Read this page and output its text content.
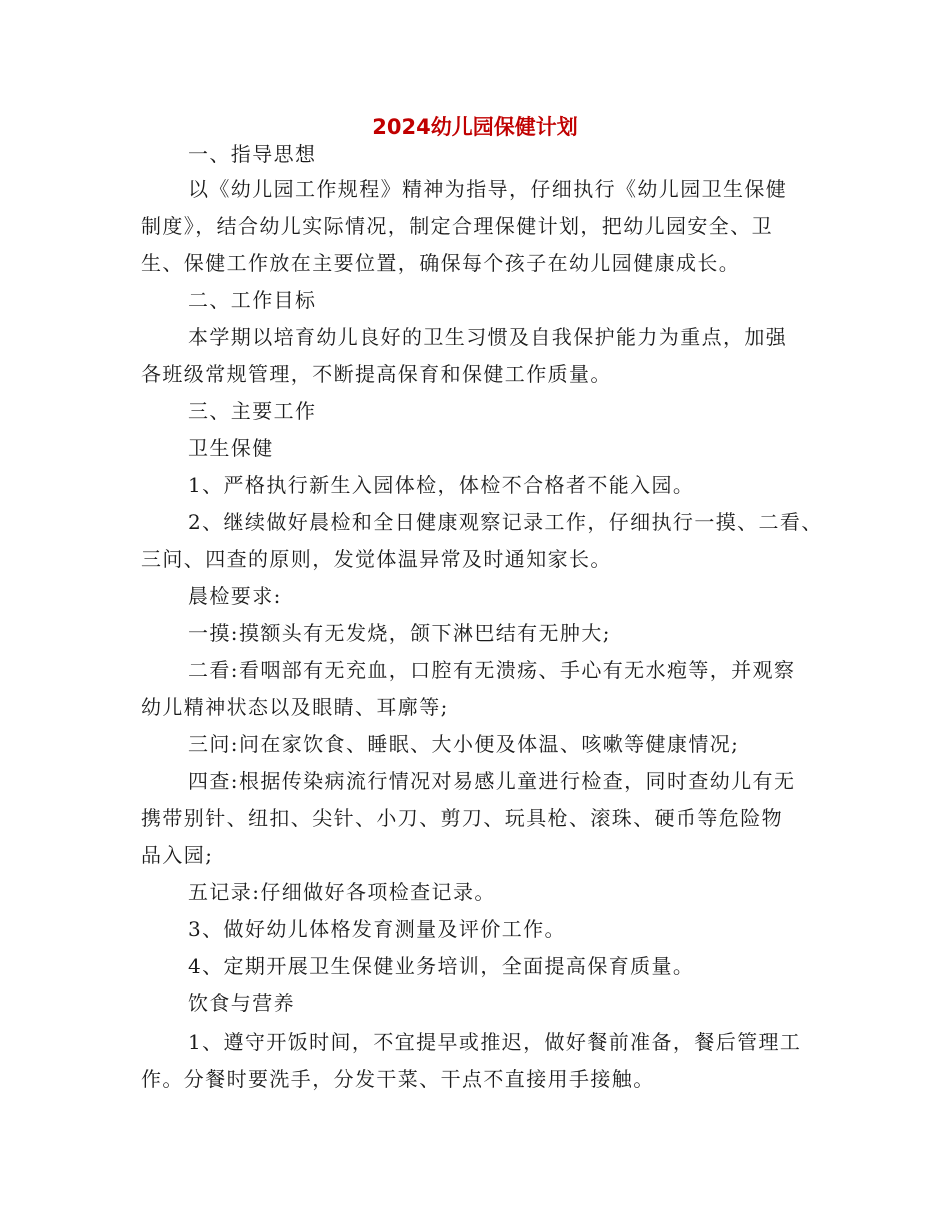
2024幼儿园保健计划
一、指导思想
以《幼儿园工作规程》精神为指导，仔细执行《幼儿园卫生保健
制度》，结合幼儿实际情况，制定合理保健计划，把幼儿园安全、卫
生、保健工作放在主要位置，确保每个孩子在幼儿园健康成长。
二、工作目标
本学期以培育幼儿良好的卫生习惯及自我保护能力为重点，加强
各班级常规管理，不断提高保育和保健工作质量。
三、主要工作
卫生保健
1、严格执行新生入园体检，体检不合格者不能入园。
2、继续做好晨检和全日健康观察记录工作，仔细执行一摸、二看、
三问、四查的原则，发觉体温异常及时通知家长。
晨检要求:
一摸:摸额头有无发烧，颌下淋巴结有无肿大;
二看:看咽部有无充血，口腔有无溃疡、手心有无水疱等，并观察
幼儿精神状态以及眼睛、耳廓等;
三问:问在家饮食、睡眠、大小便及体温、咳嗽等健康情况;
四查:根据传染病流行情况对易感儿童进行检查，同时查幼儿有无
携带别针、纽扣、尖针、小刀、剪刀、玩具枪、滚珠、硬币等危险物
品入园;
五记录:仔细做好各项检查记录。
3、做好幼儿体格发育测量及评价工作。
4、定期开展卫生保健业务培训，全面提高保育质量。
饮食与营养
1、遵守开饭时间，不宜提早或推迟，做好餐前准备，餐后管理工
作。分餐时要洗手，分发干菜、干点不直接用手接触。
